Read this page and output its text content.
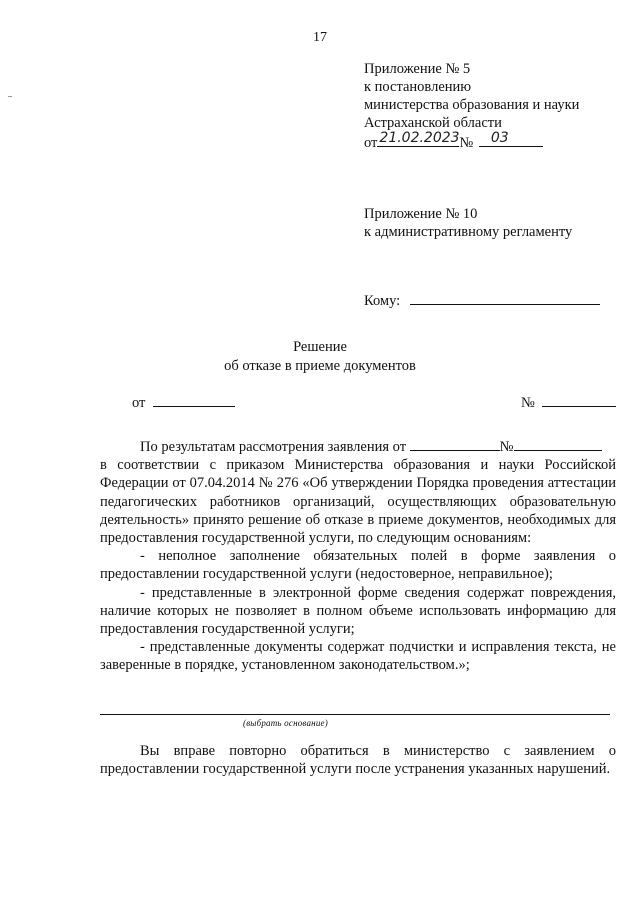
17
Приложение № 5
к постановлению
министерства образования и науки
Астраханской области
от 21.02.2023 № 03
Приложение № 10
к административному регламенту
Кому:
Решение
об отказе в приеме документов
от	№
По результатам рассмотрения заявления от	№

в соответствии с приказом Министерства образования и науки Российской Федерации от 07.04.2014 № 276 «Об утверждении Порядка проведения аттестации педагогических работников организаций, осуществляющих образовательную деятельность» принято решение об отказе в приеме документов, необходимых для предоставления государственной услуги, по следующим основаниям:

- неполное заполнение обязательных полей в форме заявления о предоставлении государственной услуги (недостоверное, неправильное);

- представленные в электронной форме сведения содержат повреждения, наличие которых не позволяет в полном объеме использовать информацию для предоставления государственной услуги;

- представленные документы содержат подчистки и исправления текста, не заверенные в порядке, установленном законодательством.»;

(выбрать основание)

Вы вправе повторно обратиться в министерство с заявлением о предоставлении государственной услуги после устранения указанных нарушений.
